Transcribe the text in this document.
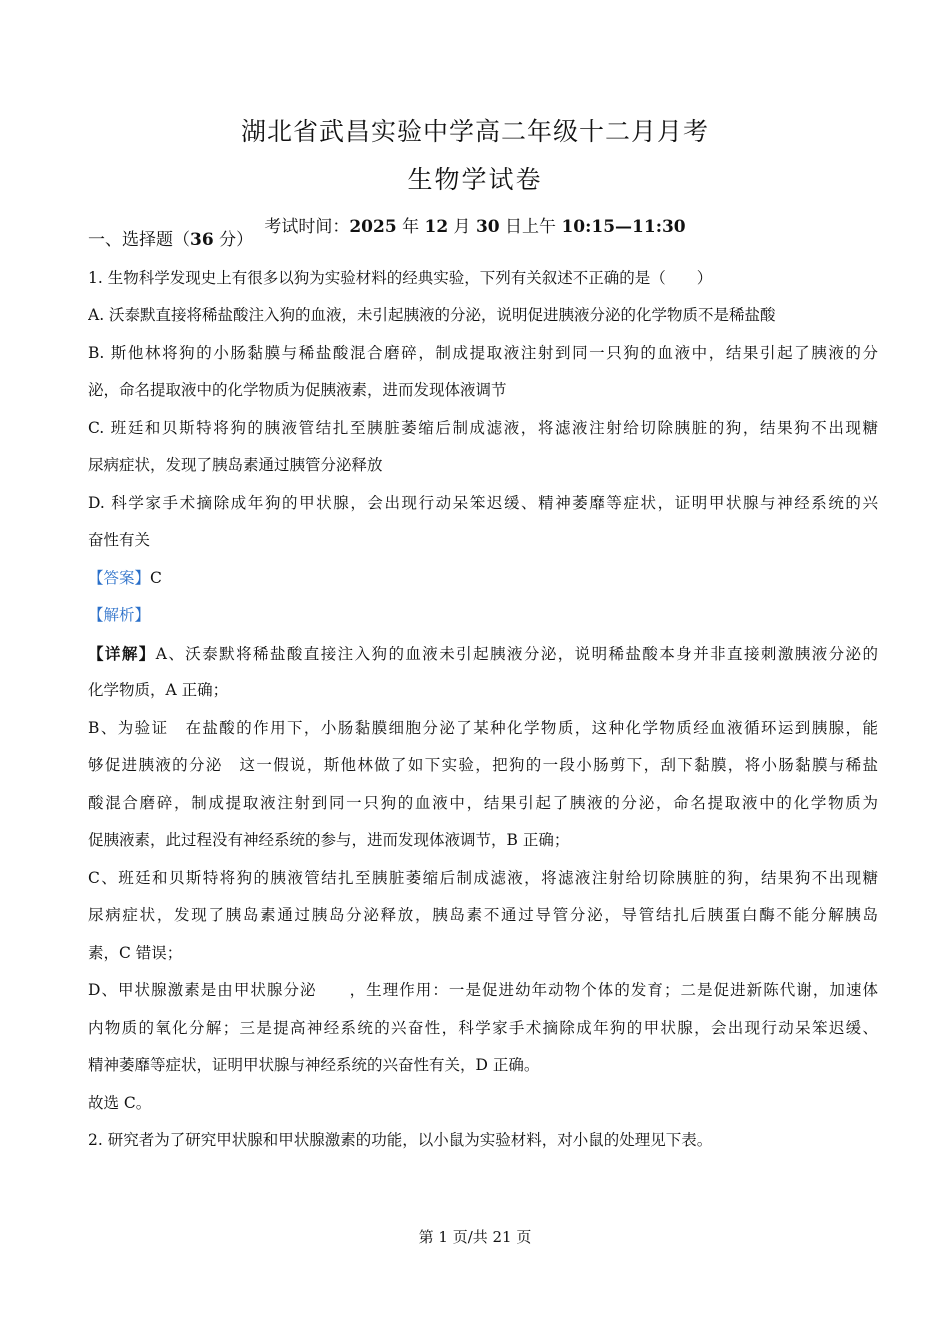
湖北省武昌实验中学高二年级十二月月考
生物学试卷
考试时间：2025 年 12 月 30 日上午 10:15—11:30
一、选择题（36 分）
1. 生物科学发现史上有很多以狗为实验材料的经典实验，下列有关叙述不正确的是（　　）
A. 沃泰默直接将稀盐酸注入狗的血液，未引起胰液的分泌，说明促进胰液分泌的化学物质不是稀盐酸
B. 斯他林将狗的小肠黏膜与稀盐酸混合磨碎，制成提取液注射到同一只狗的血液中，结果引起了胰液的分
泌，命名提取液中的化学物质为促胰液素，进而发现体液调节
C. 班廷和贝斯特将狗的胰液管结扎至胰脏萎缩后制成滤液，将滤液注射给切除胰脏的狗，结果狗不出现糖
尿病症状，发现了胰岛素通过胰管分泌释放
D. 科学家手术摘除成年狗的甲状腺，会出现行动呆笨迟缓、精神萎靡等症状，证明甲状腺与神经系统的兴
奋性有关
【答案】C
【解析】
【详解】A、沃泰默将稀盐酸直接注入狗的血液未引起胰液分泌，说明稀盐酸本身并非直接刺激胰液分泌的
化学物质，A 正确；
B、为验证　在盐酸的作用下，小肠黏膜细胞分泌了某种化学物质，这种化学物质经血液循环运到胰腺，能
够促进胰液的分泌　这一假说，斯他林做了如下实验，把狗的一段小肠剪下，刮下黏膜，将小肠黏膜与稀盐
酸混合磨碎，制成提取液注射到同一只狗的血液中，结果引起了胰液的分泌，命名提取液中的化学物质为
促胰液素，此过程没有神经系统的参与，进而发现体液调节，B 正确；
C、班廷和贝斯特将狗的胰液管结扎至胰脏萎缩后制成滤液，将滤液注射给切除胰脏的狗，结果狗不出现糖
尿病症状，发现了胰岛素通过胰岛分泌释放，胰岛素不通过导管分泌，导管结扎后胰蛋白酶不能分解胰岛
素，C 错误；
D、甲状腺激素是由甲状腺分泌　　，生理作用：一是促进幼年动物个体的发育；二是促进新陈代谢，加速体
内物质的氧化分解；三是提高神经系统的兴奋性，科学家手术摘除成年狗的甲状腺，会出现行动呆笨迟缓、
精神萎靡等症状，证明甲状腺与神经系统的兴奋性有关，D 正确。
故选 C。
2. 研究者为了研究甲状腺和甲状腺激素的功能，以小鼠为实验材料，对小鼠的处理见下表。
第 1 页/共 21 页
